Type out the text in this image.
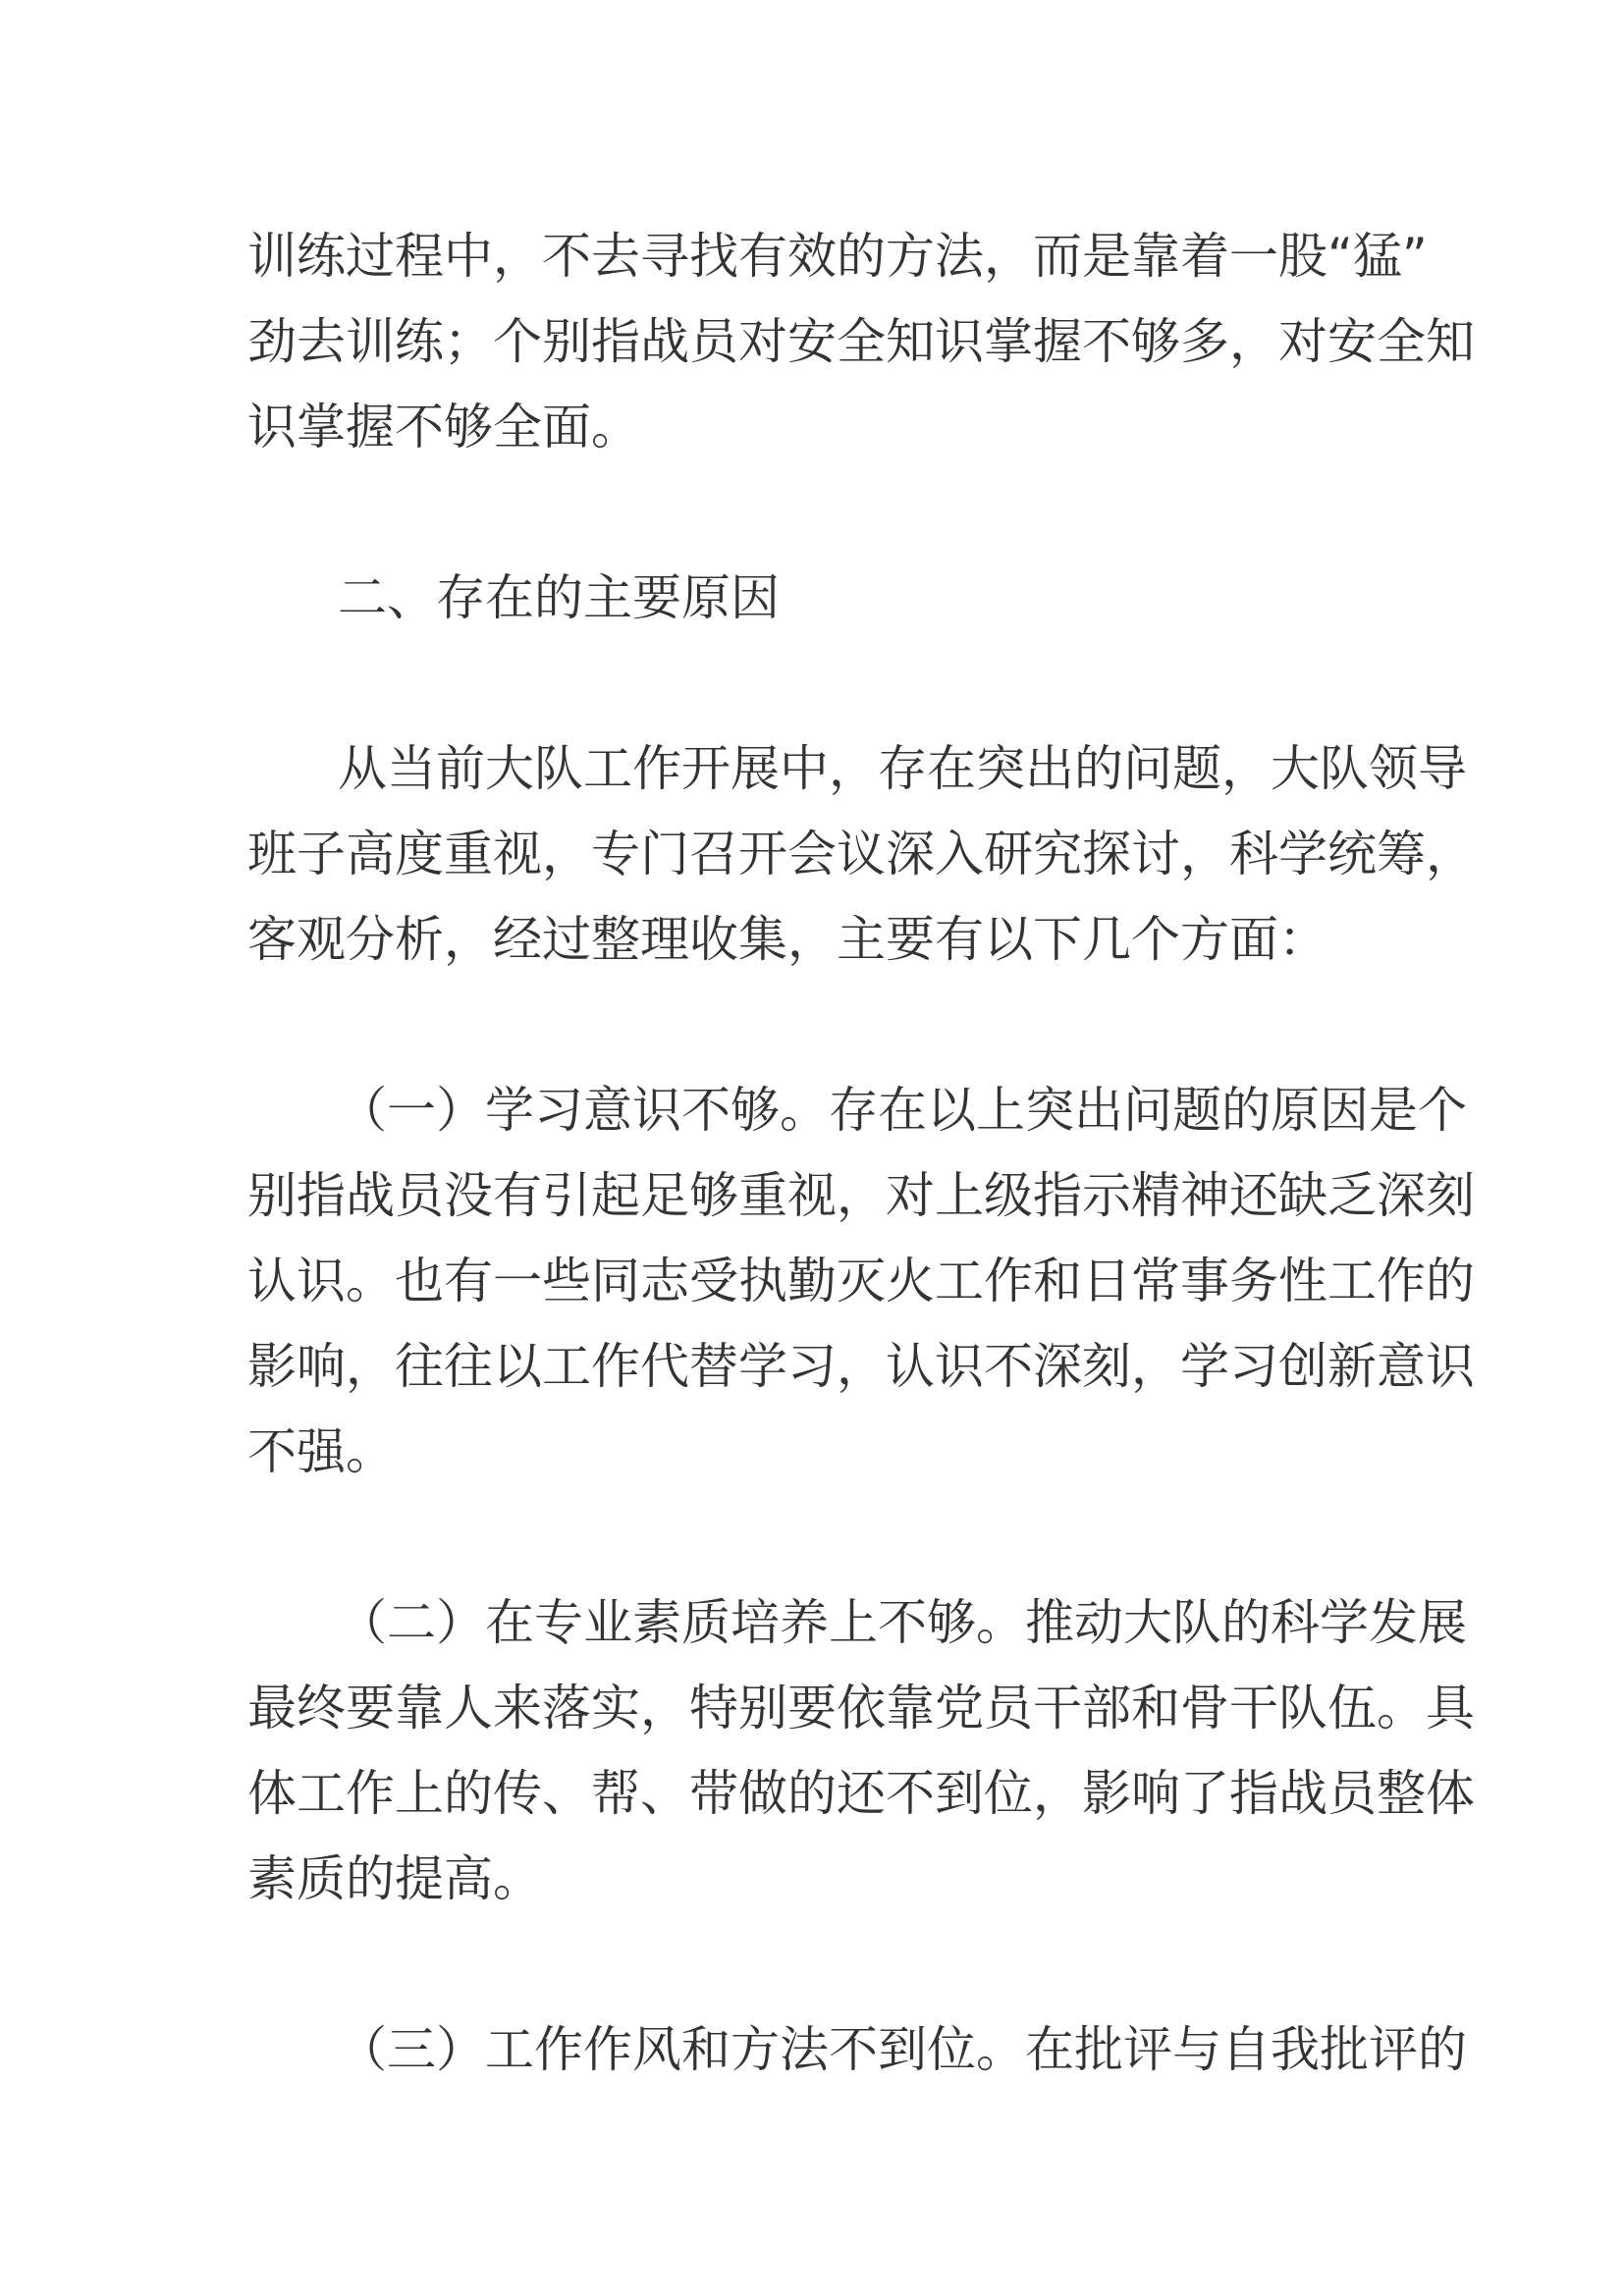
训练过程中，不去寻找有效的方法，而是靠着一股“猛”
劲去训练；个别指战员对安全知识掌握不够多，对安全知
识掌握不够全面。

二、存在的主要原因

从当前大队工作开展中，存在突出的问题，大队领导
班子高度重视，专门召开会议深入研究探讨，科学统筹，
客观分析，经过整理收集，主要有以下几个方面：

（一）学习意识不够。存在以上突出问题的原因是个
别指战员没有引起足够重视，对上级指示精神还缺乏深刻
认识。也有一些同志受执勤灭火工作和日常事务性工作的
影响，往往以工作代替学习，认识不深刻，学习创新意识
不强。

（二）在专业素质培养上不够。推动大队的科学发展
最终要靠人来落实，特别要依靠党员干部和骨干队伍。具
体工作上的传、帮、带做的还不到位，影响了指战员整体
素质的提高。

（三）工作作风和方法不到位。在批评与自我批评的
